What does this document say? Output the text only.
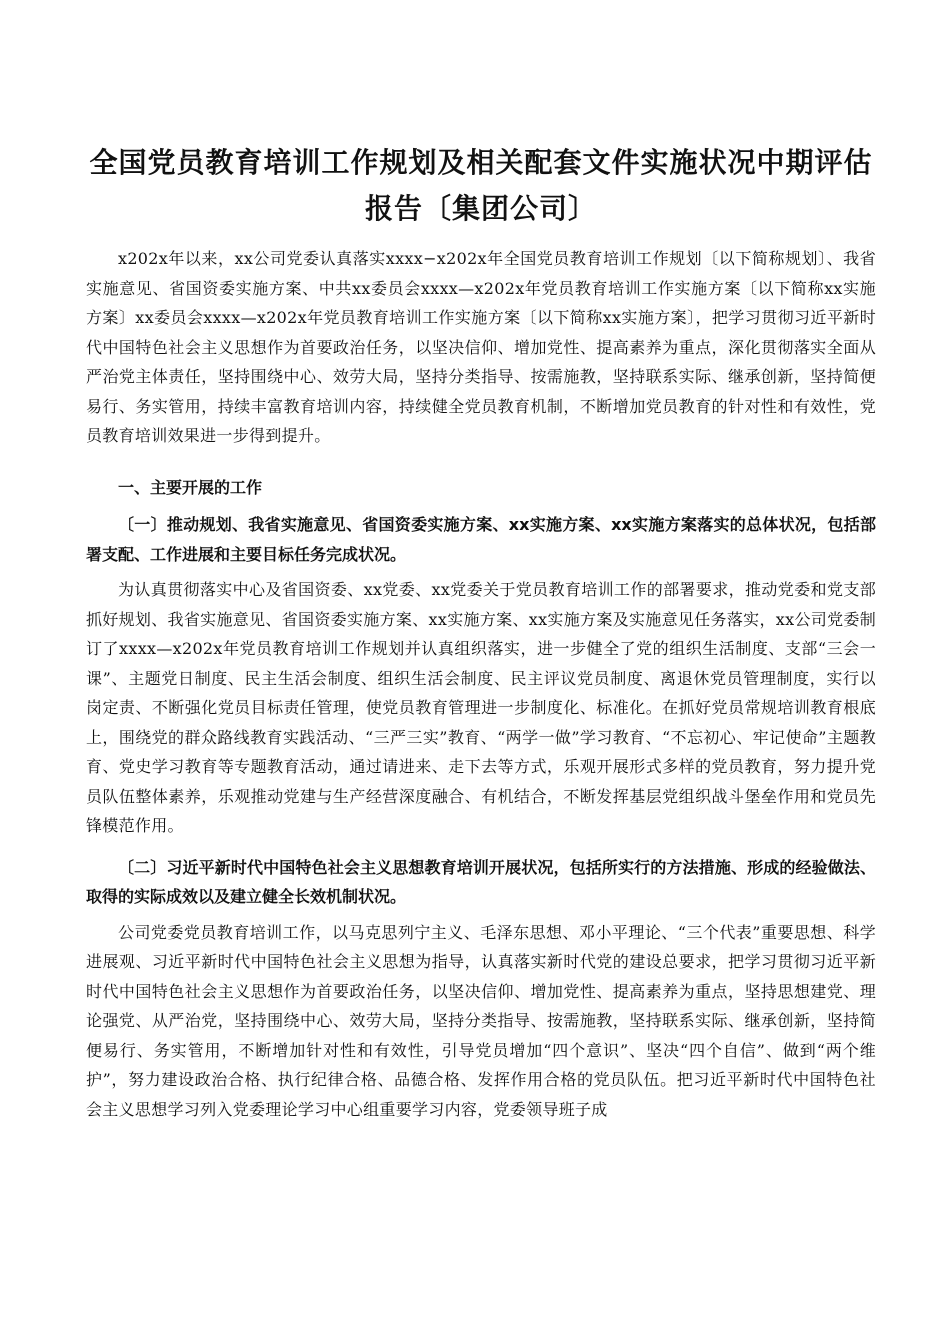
全国党员教育培训工作规划及相关配套文件实施状况中期评估报告〔集团公司〕

x202x年以来，xx公司党委认真落实xxxx−x202x年全国党员教育培训工作规划〔以下简称规划〕、我省实施意见、省国资委实施方案、中共xx委员会xxxx—x202x年党员教育培训工作实施方案〔以下简称xx实施方案〕xx委员会xxxx—x202x年党员教育培训工作实施方案〔以下简称xx实施方案〕，把学习贯彻习近平新时代中国特色社会主义思想作为首要政治任务，以坚决信仰、增加党性、提高素养为重点，深化贯彻落实全面从严治党主体责任，坚持围绕中心、效劳大局，坚持分类指导、按需施教，坚持联系实际、继承创新，坚持简便易行、务实管用，持续丰富教育培训内容，持续健全党员教育机制，不断增加党员教育的针对性和有效性，党员教育培训效果进一步得到提升。

一、主要开展的工作
〔一〕推动规划、我省实施意见、省国资委实施方案、xx实施方案、xx实施方案落实的总体状况，包括部署支配、工作进展和主要目标任务完成状况。

为认真贯彻落实中心及省国资委、xx党委、xx党委关于党员教育培训工作的部署要求，推动党委和党支部抓好规划、我省实施意见、省国资委实施方案、xx实施方案、xx实施方案及实施意见任务落实，xx公司党委制订了xxxx—x202x年党员教育培训工作规划并认真组织落实，进一步健全了党的组织生活制度、支部“三会一课”、主题党日制度、民主生活会制度、组织生活会制度、民主评议党员制度、离退休党员管理制度，实行以岗定责、不断强化党员目标责任管理，使党员教育管理进一步制度化、标准化。在抓好党员常规培训教育根底上，围绕党的群众路线教育实践活动、“三严三实”教育、“两学一做”学习教育、“不忘初心、牢记使命”主题教育、党史学习教育等专题教育活动，通过请进来、走下去等方式，乐观开展形式多样的党员教育，努力提升党员队伍整体素养，乐观推动党建与生产经营深度融合、有机结合，不断发挥基层党组织战斗堡垒作用和党员先锋模范作用。

〔二〕习近平新时代中国特色社会主义思想教育培训开展状况，包括所实行的方法措施、形成的经验做法、取得的实际成效以及建立健全长效机制状况。

公司党委党员教育培训工作，以马克思列宁主义、毛泽东思想、邓小平理论、“三个代表”重要思想、科学进展观、习近平新时代中国特色社会主义思想为指导，认真落实新时代党的建设总要求，把学习贯彻习近平新时代中国特色社会主义思想作为首要政治任务，以坚决信仰、增加党性、提高素养为重点，坚持思想建党、理论强党、从严治党，坚持围绕中心、效劳大局，坚持分类指导、按需施教，坚持联系实际、继承创新，坚持简便易行、务实管用，不断增加针对性和有效性，引导党员增加“四个意识”、坚决“四个自信”、做到“两个维护”，努力建设政治合格、执行纪律合格、品德合格、发挥作用合格的党员队伍。把习近平新时代中国特色社会主义思想学习列入党委理论学习中心组重要学习内容，党委领导班子成
